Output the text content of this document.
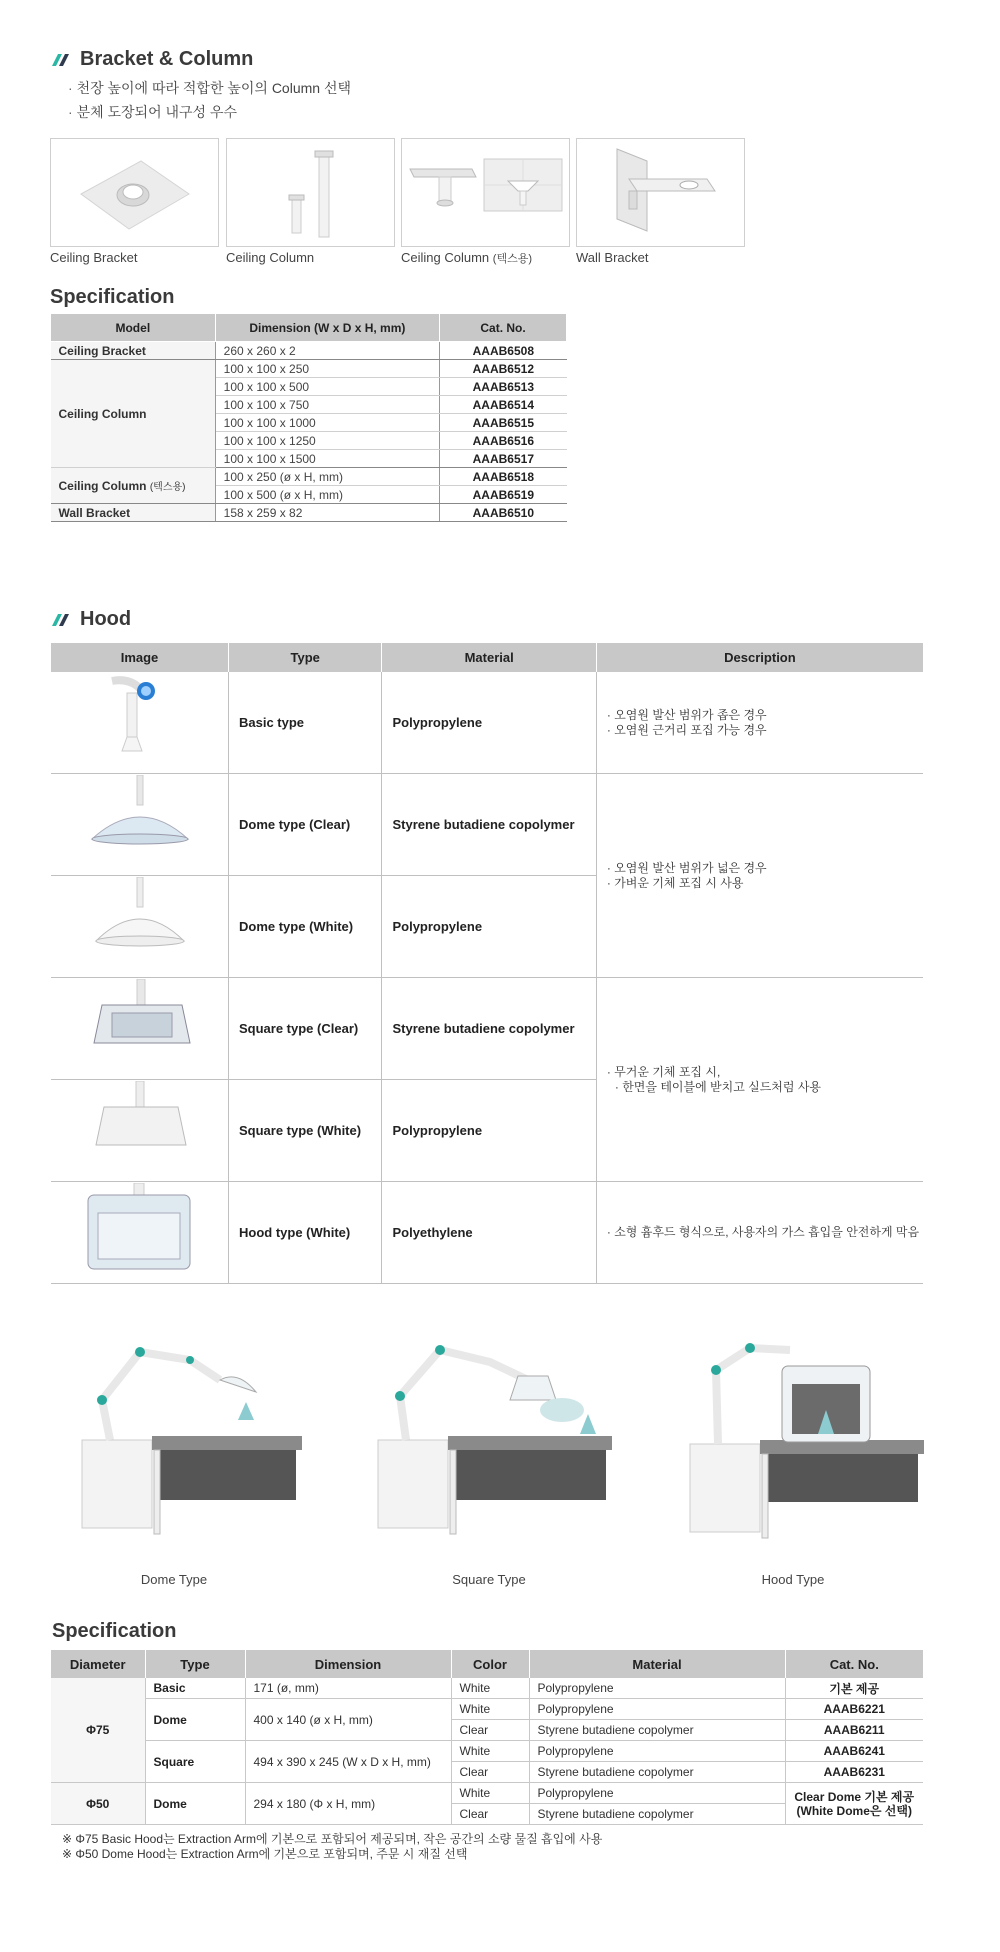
Bracket & Column
· 천장 높이에 따라 적합한 높이의 Column 선택
· 분체 도장되어 내구성 우수
Ceiling Bracket	Ceiling Column	Ceiling Column (텍스용)	Wall Bracket
Specification
Model	Dimension (W x D x H, mm)	Cat. No.
Ceiling Bracket	260 x 260 x 2	AAAB6508
Ceiling Column	100 x 100 x 250	AAAB6512
	100 x 100 x 500	AAAB6513
	100 x 100 x 750	AAAB6514
	100 x 100 x 1000	AAAB6515
	100 x 100 x 1250	AAAB6516
	100 x 100 x 1500	AAAB6517
Ceiling Column (텍스용)	100 x 250 (ø x H, mm)	AAAB6518
	100 x 500 (ø x H, mm)	AAAB6519
Wall Bracket	158 x 259 x 82	AAAB6510
Hood
Image	Type	Material	Description
	Basic type	Polypropylene	· 오염원 발산 범위가 좁은 경우
· 오염원 근거리 포집 가능 경우

	Dome type (Clear)	Styrene butadiene copolymer	· 오염원 발산 범위가 넓은 경우
· 가벼운 기체 포집 시 사용

	Dome type (White)	Polypropylene	
	Square type (Clear)	Styrene butadiene copolymer	· 무거운 기체 포집 시,
· 한면을 테이블에 받치고 실드처럼 사용

	Square type (White)	Polypropylene	
	Hood type (White)	Polyethylene	· 소형 흄후드 형식으로, 사용자의 가스 흡입을 안전하게 막음
Dome Type	Square Type	Hood Type
Specification
Diameter	Type	Dimension	Color	Material	Cat. No.
Φ75	Basic	171 (ø, mm)	White	Polypropylene	기본 제공
	Dome	400 x 140 (ø x H, mm)	White	Polypropylene	AAAB6221
			Clear	Styrene butadiene copolymer	AAAB6211
	Square	494 x 390 x 245 (W x D x H, mm)	White	Polypropylene	AAAB6241
			Clear	Styrene butadiene copolymer	AAAB6231
Φ50	Dome	294 x 180 (Φ x H, mm)	White	Polypropylene	Clear Dome 기본 제공
(White Dome은 선택)

			Clear	Styrene butadiene copolymer	
※ Φ75 Basic Hood는 Extraction Arm에 기본으로 포함되어 제공되며, 작은 공간의 소량 물질 흡입에 사용
※ Φ50 Dome Hood는 Extraction Arm에 기본으로 포함되며, 주문 시 재질 선택
